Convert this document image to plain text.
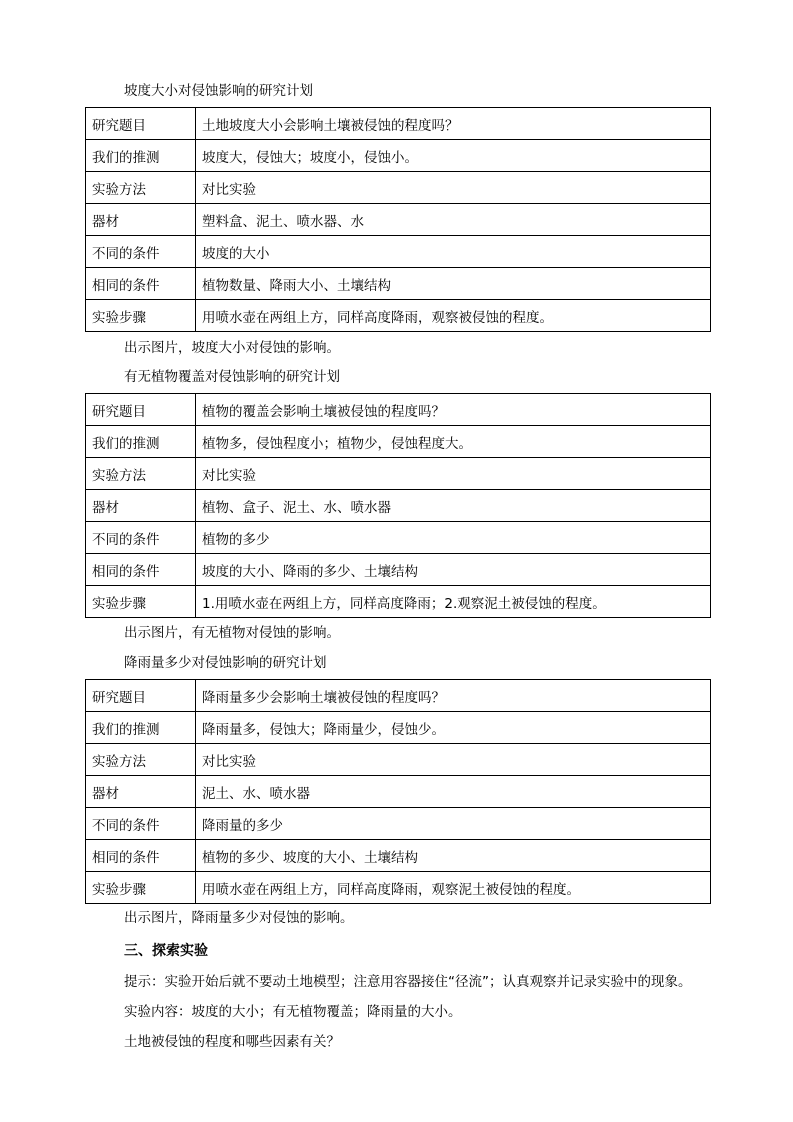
坡度大小对侵蚀影响的研究计划
研究题目	土地坡度大小会影响土壤被侵蚀的程度吗？
我们的推测	坡度大，侵蚀大；坡度小，侵蚀小。
实验方法	对比实验
器材	塑料盒、泥土、喷水器、水
不同的条件	坡度的大小
相同的条件	植物数量、降雨大小、土壤结构
实验步骤	用喷水壶在两组上方，同样高度降雨，观察被侵蚀的程度。
出示图片，坡度大小对侵蚀的影响。
有无植物覆盖对侵蚀影响的研究计划
研究题目	植物的覆盖会影响土壤被侵蚀的程度吗？
我们的推测	植物多，侵蚀程度小；植物少，侵蚀程度大。
实验方法	对比实验
器材	植物、盒子、泥土、水、喷水器
不同的条件	植物的多少
相同的条件	坡度的大小、降雨的多少、土壤结构
实验步骤	1.用喷水壶在两组上方，同样高度降雨；2.观察泥土被侵蚀的程度。
出示图片，有无植物对侵蚀的影响。
降雨量多少对侵蚀影响的研究计划
研究题目	降雨量多少会影响土壤被侵蚀的程度吗？
我们的推测	降雨量多，侵蚀大；降雨量少，侵蚀少。
实验方法	对比实验
器材	泥土、水、喷水器
不同的条件	降雨量的多少
相同的条件	植物的多少、坡度的大小、土壤结构
实验步骤	用喷水壶在两组上方，同样高度降雨，观察泥土被侵蚀的程度。
出示图片，降雨量多少对侵蚀的影响。
三、探索实验
提示：实验开始后就不要动土地模型；注意用容器接住“径流”；认真观察并记录实验中的现象。
实验内容：坡度的大小；有无植物覆盖；降雨量的大小。
土地被侵蚀的程度和哪些因素有关？
